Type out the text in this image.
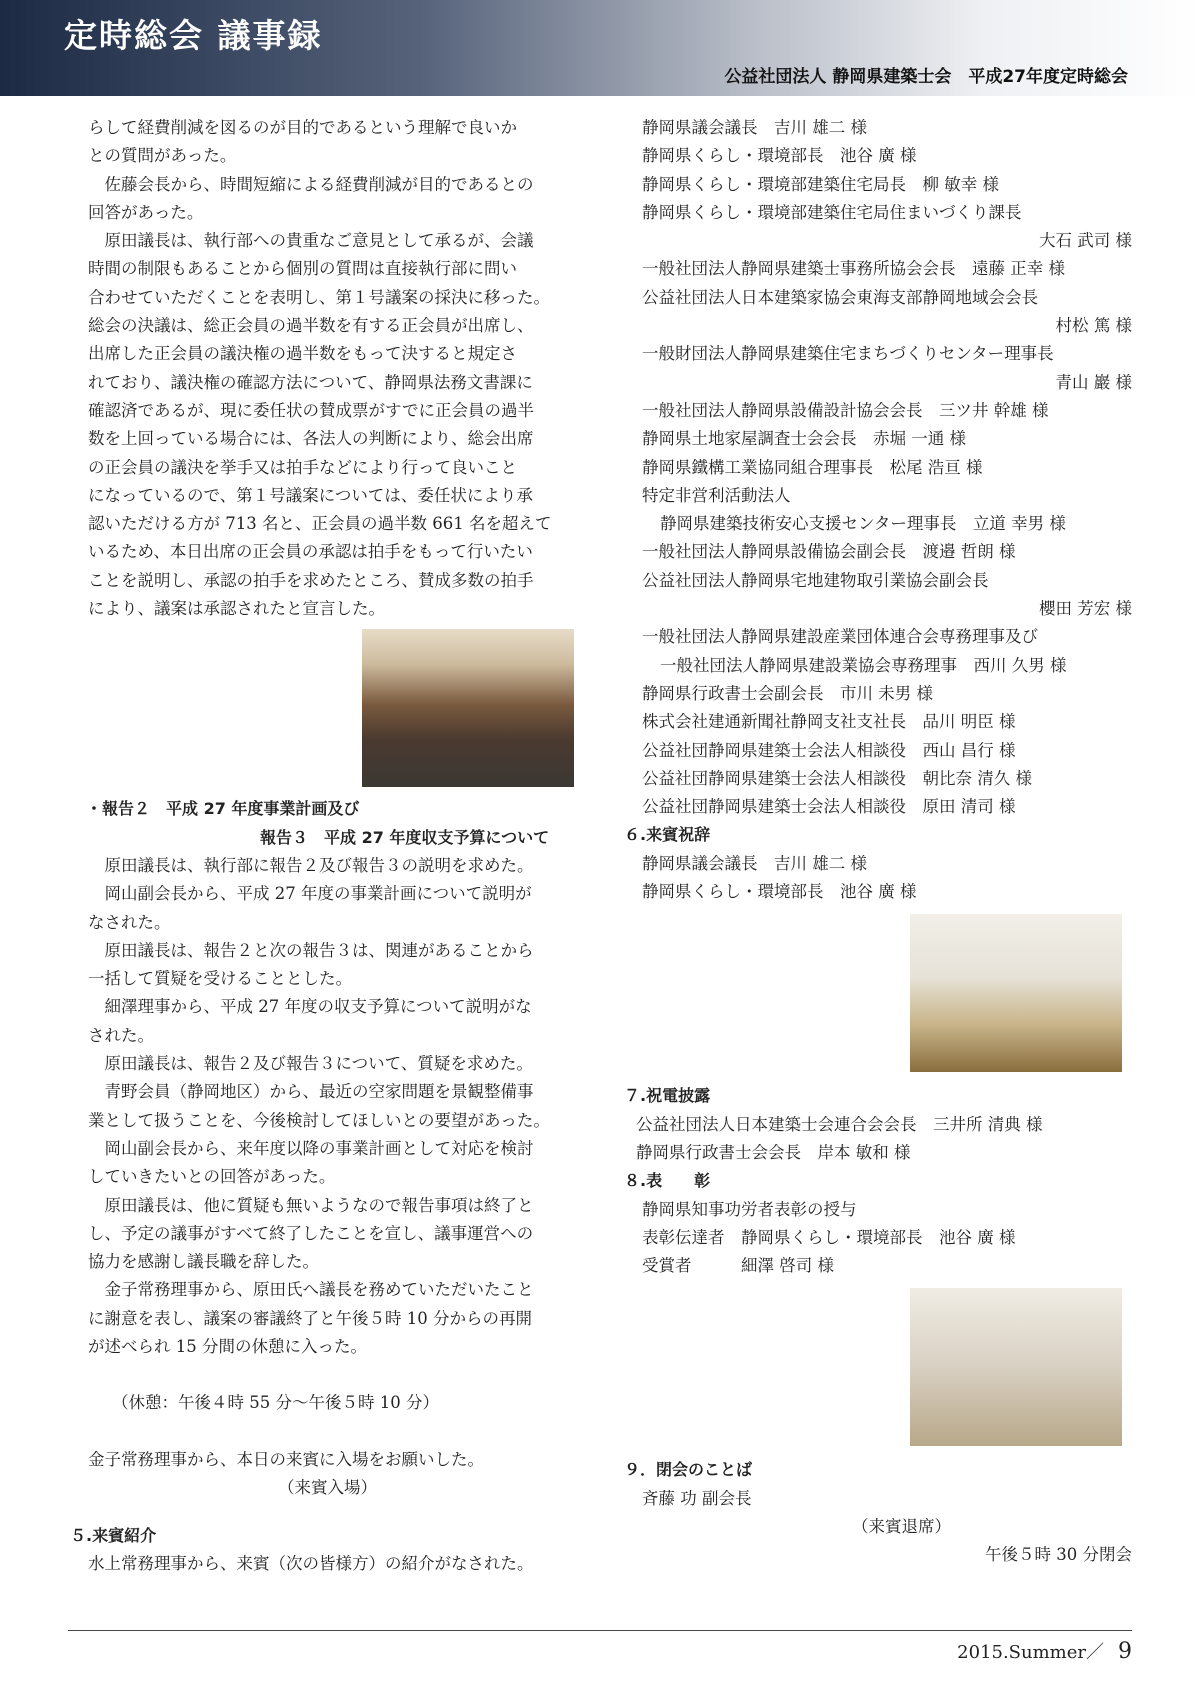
定時総会 議事録
公益社団法人 静岡県建築士会　平成27年度定時総会

らして経費削減を図るのが目的であるという理解で良いか

との質問があった。

佐藤会長から、時間短縮による経費削減が目的であるとの

回答があった。

原田議長は、執行部への貴重なご意見として承るが、会議

時間の制限もあることから個別の質問は直接執行部に問い

合わせていただくことを表明し、第１号議案の採決に移った。

総会の決議は、総正会員の過半数を有する正会員が出席し、

出席した正会員の議決権の過半数をもって決すると規定さ

れており、議決権の確認方法について、静岡県法務文書課に

確認済であるが、現に委任状の賛成票がすでに正会員の過半

数を上回っている場合には、各法人の判断により、総会出席

の正会員の議決を挙手又は拍手などにより行って良いこと

になっているので、第１号議案については、委任状により承

認いただける方が 713 名と、正会員の過半数 661 名を超えて

いるため、本日出席の正会員の承認は拍手をもって行いたい

ことを説明し、承認の拍手を求めたところ、賛成多数の拍手

により、議案は承認されたと宣言した。

・報告２　平成 27 年度事業計画及び

報告３　平成 27 年度収支予算について

原田議長は、執行部に報告２及び報告３の説明を求めた。

岡山副会長から、平成 27 年度の事業計画について説明が

なされた。

原田議長は、報告２と次の報告３は、関連があることから

一括して質疑を受けることとした。

細澤理事から、平成 27 年度の収支予算について説明がな

された。

原田議長は、報告２及び報告３について、質疑を求めた。

青野会員（静岡地区）から、最近の空家問題を景観整備事

業として扱うことを、今後検討してほしいとの要望があった。

岡山副会長から、来年度以降の事業計画として対応を検討

していきたいとの回答があった。

原田議長は、他に質疑も無いようなので報告事項は終了と

し、予定の議事がすべて終了したことを宣し、議事運営への

協力を感謝し議長職を辞した。

金子常務理事から、原田氏へ議長を務めていただいたこと

に謝意を表し、議案の審議終了と午後５時 10 分からの再開

が述べられ 15 分間の休憩に入った。

（休憩：午後４時 55 分〜午後５時 10 分）

金子常務理事から、本日の来賓に入場をお願いした。

（来賓入場）

５.来賓紹介

水上常務理事から、来賓（次の皆様方）の紹介がなされた。

静岡県議会議長　吉川 雄二 様

静岡県くらし・環境部長　池谷 廣 様

静岡県くらし・環境部建築住宅局長　柳 敏幸 様

静岡県くらし・環境部建築住宅局住まいづくり課長

大石 武司 様

一般社団法人静岡県建築士事務所協会会長　遠藤 正幸 様

公益社団法人日本建築家協会東海支部静岡地域会会長

村松 篤 様

一般財団法人静岡県建築住宅まちづくりセンター理事長

青山 巖 様

一般社団法人静岡県設備設計協会会長　三ツ井 幹雄 様

静岡県土地家屋調査士会会長　赤堀 一通 様

静岡県鐵構工業協同組合理事長　松尾 浩亘 様

特定非営利活動法人

静岡県建築技術安心支援センター理事長　立道 幸男 様

一般社団法人静岡県設備協会副会長　渡邉 哲朗 様

公益社団法人静岡県宅地建物取引業協会副会長

櫻田 芳宏 様

一般社団法人静岡県建設産業団体連合会専務理事及び

一般社団法人静岡県建設業協会専務理事　西川 久男 様

静岡県行政書士会副会長　市川 未男 様

株式会社建通新聞社静岡支社支社長　品川 明臣 様

公益社団静岡県建築士会法人相談役　西山 昌行 様

公益社団静岡県建築士会法人相談役　朝比奈 清久 様

公益社団静岡県建築士会法人相談役　原田 清司 様

６.来賓祝辞

静岡県議会議長　吉川 雄二 様

静岡県くらし・環境部長　池谷 廣 様

７.祝電披露

公益社団法人日本建築士会連合会会長　三井所 清典 様

静岡県行政書士会会長　岸本 敏和 様

８.表　　彰

静岡県知事功労者表彰の授与

表彰伝達者　静岡県くらし・環境部長　池谷 廣 様

受賞者　　　細澤 啓司 様

９．閉会のことば

斉藤 功 副会長

（来賓退席）

午後５時 30 分閉会

2015.Summer／ 9
